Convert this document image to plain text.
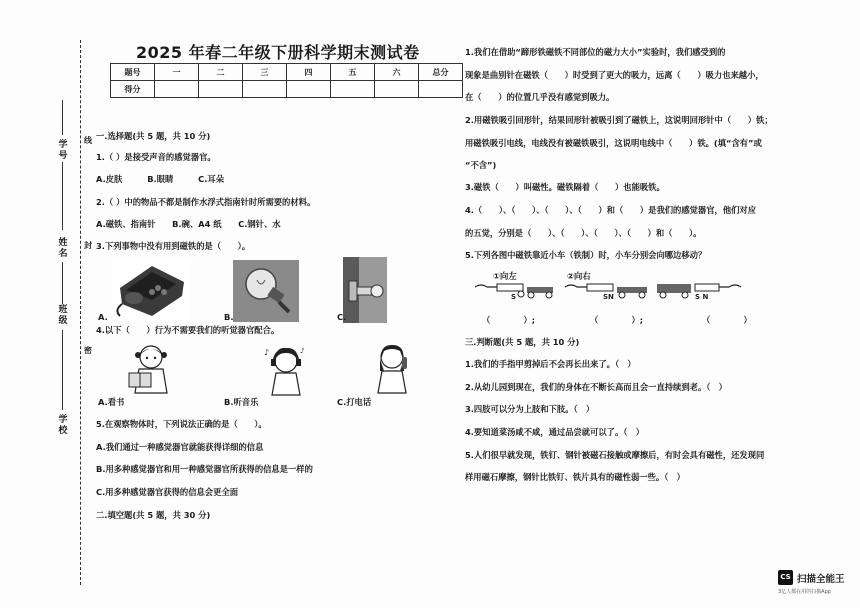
学号
姓名
班级
学校
线
封
密
2025 年春二年级下册科学期末测试卷
题号	一	二	三	四	五	六	总分
得分							
一.选择题(共 5 题，共 10 分)
1.（ ）是接受声音的感觉器官。
A.皮肤　　　B.眼睛　　　C.耳朵
2.（ ）中的物品不都是制作水浮式指南针时所需要的材料。
A.磁铁、指南针　　B.碗、A4 纸　　C.钢针、水
3.下列事物中没有用到磁铁的是（　　）。
A.	B.	C.
4.以下（　　）行为不需要我们的听觉器官配合。
♪	♪
A.看书	B.听音乐	C.打电话
5.在观察物体时，下列说法正确的是（　　）。
A.我们通过一种感觉器官就能获得详细的信息
B.用多种感觉器官和用一种感觉器官所获得的信息是一样的
C.用多种感觉器官获得的信息会更全面
二.填空题(共 5 题，共 30 分)
1.我们在借助“蹄形铁磁铁不同部位的磁力大小”实验时，我们感受到的
现象是曲别针在磁铁（　　）时受到了更大的吸力，远离（　　）吸力也来越小，
在（　　）的位置几乎没有感觉到吸力。
2.用磁铁吸引回形针，结果回形针被吸引到了磁铁上，这说明回形针中（　　）铁；
用磁铁吸引电线，电线没有被磁铁吸引，这说明电线中（　　）铁。(填“含有”或
“不含”)
3.磁铁（　　）叫磁性。磁铁隔着（　　）也能吸铁。
4.（　　）、（　　）、（　　）、（　　）和（　　）是我们的感觉器官，他们对应
的五觉，分别是（　　）、（　　）、（　　）、（　　）和（　　）。
5.下列各图中磁铁靠近小车（铁制）时，小车分别会向哪边移动？
①向左	②向右
S	SN	S N
（　　　　）;	（　　　　）;	（　　　　）
三.判断题(共 5 题，共 10 分)
1.我们的手指甲剪掉后不会再长出来了。（　）
2.从幼儿园到现在，我们的身体在不断长高而且会一直持续到老。（　）
3.四肢可以分为上肢和下肢。（　）
4.要知道菜汤咸不咸，通过品尝就可以了。（　）
5.人们很早就发现，铁钉、钢针被磁石接触或摩擦后，有时会具有磁性，还发现同
样用磁石摩擦，钢针比铁钉、铁片具有的磁性弱一些。（　）
CS 扫描全能王
3亿人都在用的扫描App
